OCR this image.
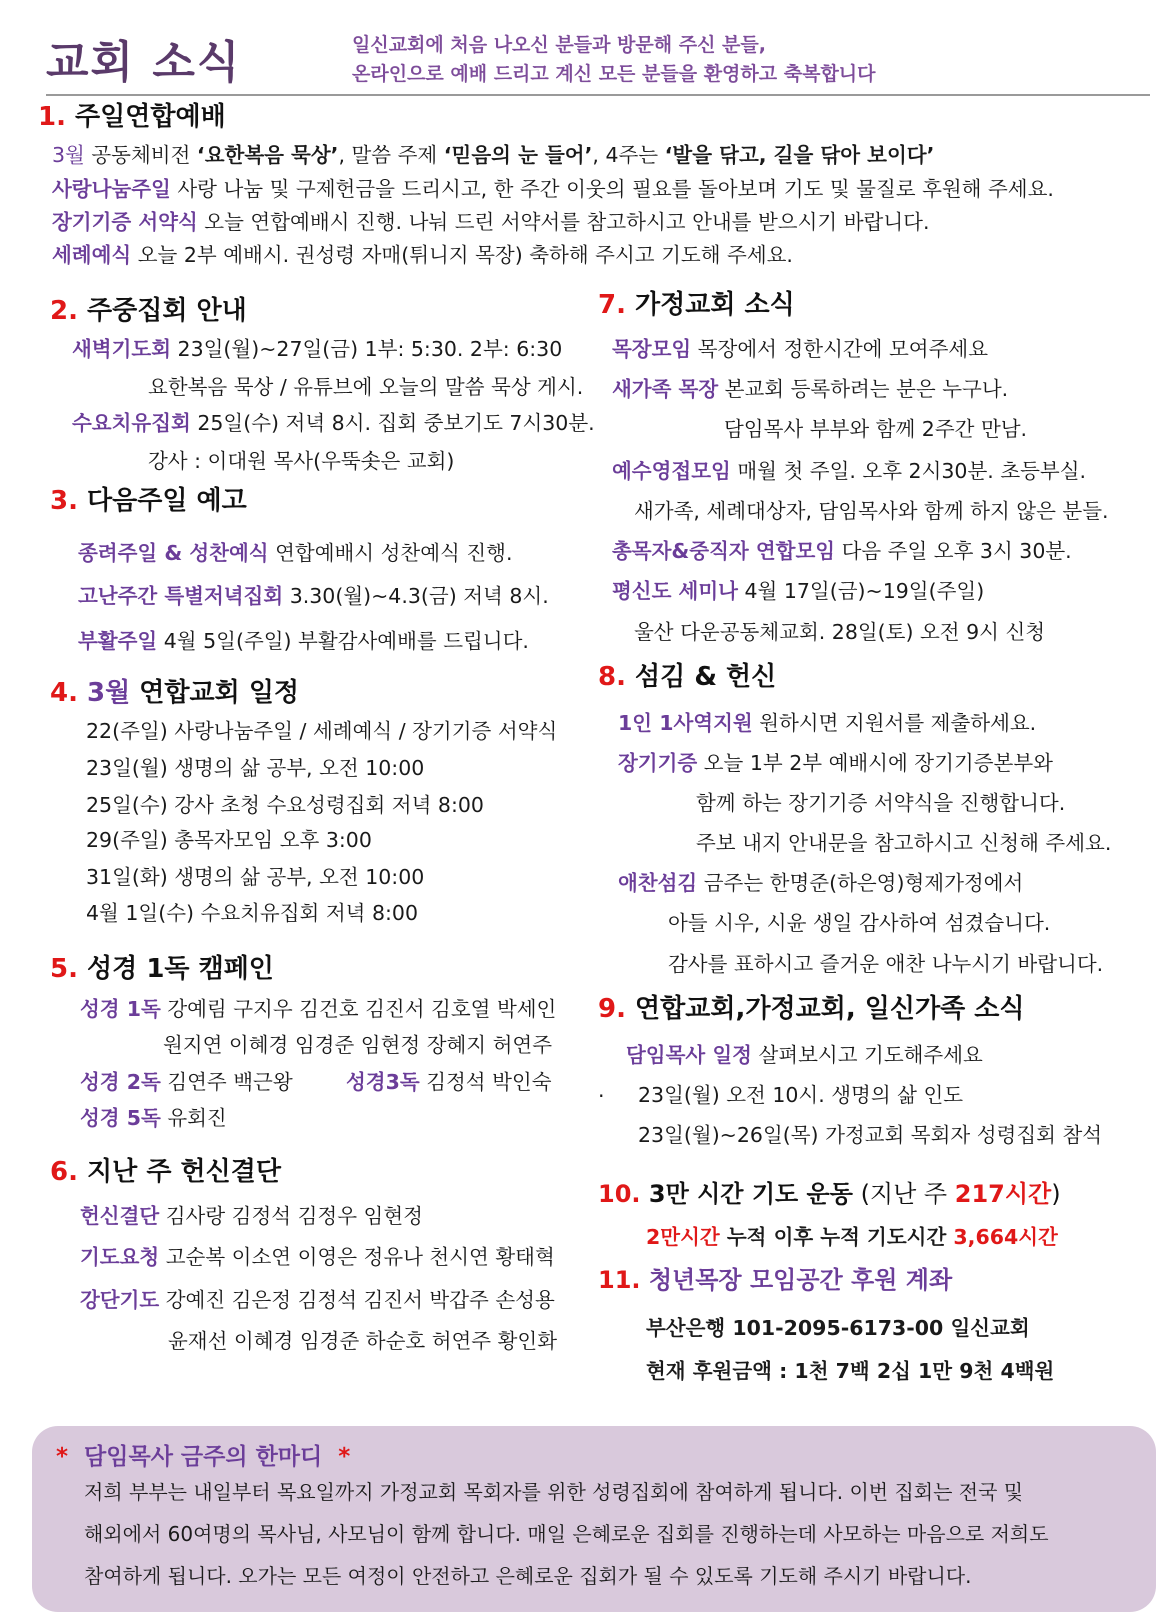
교회 소식	일신교회에 처음 나오신 분들과 방문해 주신 분들,
온라인으로 예배 드리고 계신 모든 분들을 환영하고 축복합니다
1. 주일연합예배
3월 공동체비전 ‘요한복음 묵상’, 말씀 주제 ‘믿음의 눈 들어’, 4주는 ‘발을 닦고, 길을 닦아 보이다’
사랑나눔주일 사랑 나눔 및 구제헌금을 드리시고, 한 주간 이웃의 필요를 돌아보며 기도 및 물질로 후원해 주세요.
장기기증 서약식 오늘 연합예배시 진행. 나눠 드린 서약서를 참고하시고 안내를 받으시기 바랍니다.
세례예식 오늘 2부 예배시. 권성령 자매(튀니지 목장) 축하해 주시고 기도해 주세요.
2. 주중집회 안내
새벽기도회 23일(월)~27일(금) 1부: 5:30. 2부: 6:30
요한복음 묵상 / 유튜브에 오늘의 말씀 묵상 게시.
수요치유집회 25일(수) 저녁 8시. 집회 중보기도 7시30분.
강사 : 이대원 목사(우뚝솟은 교회)
3. 다음주일 예고
종려주일 & 성찬예식 연합예배시 성찬예식 진행.
고난주간 특별저녁집회 3.30(월)~4.3(금) 저녁 8시.
부활주일 4월 5일(주일) 부활감사예배를 드립니다.
4. 3월 연합교회 일정
22(주일) 사랑나눔주일 / 세례예식 / 장기기증 서약식
23일(월) 생명의 삶 공부, 오전 10:00
25일(수) 강사 초청 수요성령집회 저녁 8:00
29(주일) 총목자모임 오후 3:00
31일(화) 생명의 삶 공부, 오전 10:00
4월 1일(수) 수요치유집회 저녁 8:00
5. 성경 1독 캠페인
성경 1독 강예림 구지우 김건호 김진서 김호열 박세인
원지연 이혜경 임경준 임현정 장혜지 허연주
성경 2독 김연주 백근왕	성경3독 김정석 박인숙
성경 5독 유회진
6. 지난 주 헌신결단
헌신결단 김사랑 김정석 김정우 임현정
기도요청 고순복 이소연 이영은 정유나 천시연 황태혁
강단기도 강예진 김은정 김정석 김진서 박갑주 손성용
윤재선 이혜경 임경준 하순호 허연주 황인화
7. 가정교회 소식
목장모임 목장에서 정한시간에 모여주세요
새가족 목장 본교회 등록하려는 분은 누구나.
담임목사 부부와 함께 2주간 만남.
예수영접모임 매월 첫 주일. 오후 2시30분. 초등부실.
새가족, 세례대상자, 담임목사와 함께 하지 않은 분들.
총목자&중직자 연합모임 다음 주일 오후 3시 30분.
평신도 세미나 4월 17일(금)~19일(주일)
울산 다운공동체교회. 28일(토) 오전 9시 신청
8. 섬김 & 헌신
1인 1사역지원 원하시면 지원서를 제출하세요.
장기기증 오늘 1부 2부 예배시에 장기기증본부와
함께 하는 장기기증 서약식을 진행합니다.
주보 내지 안내문을 참고하시고 신청해 주세요.
애찬섬김 금주는 한명준(하은영)형제가정에서
아들 시우, 시윤 생일 감사하여 섬겼습니다.
감사를 표하시고 즐거운 애찬 나누시기 바랍니다.
9. 연합교회,가정교회, 일신가족 소식
담임목사 일정 살펴보시고 기도해주세요
. 23일(월) 오전 10시. 생명의 삶 인도
23일(월)~26일(목) 가정교회 목회자 성령집회 참석
10. 3만 시간 기도 운동 (지난 주 217시간)
2만시간 누적 이후 누적 기도시간 3,664시간
11. 청년목장 모임공간 후원 계좌
부산은행 101-2095-6173-00 일신교회
현재 후원금액 : 1천 7백 2십 1만 9천 4백원
* 담임목사 금주의 한마디 *
저희 부부는 내일부터 목요일까지 가정교회 목회자를 위한 성령집회에 참여하게 됩니다. 이번 집회는 전국 및
해외에서 60여명의 목사님, 사모님이 함께 합니다. 매일 은혜로운 집회를 진행하는데 사모하는 마음으로 저희도
참여하게 됩니다. 오가는 모든 여정이 안전하고 은혜로운 집회가 될 수 있도록 기도해 주시기 바랍니다.
